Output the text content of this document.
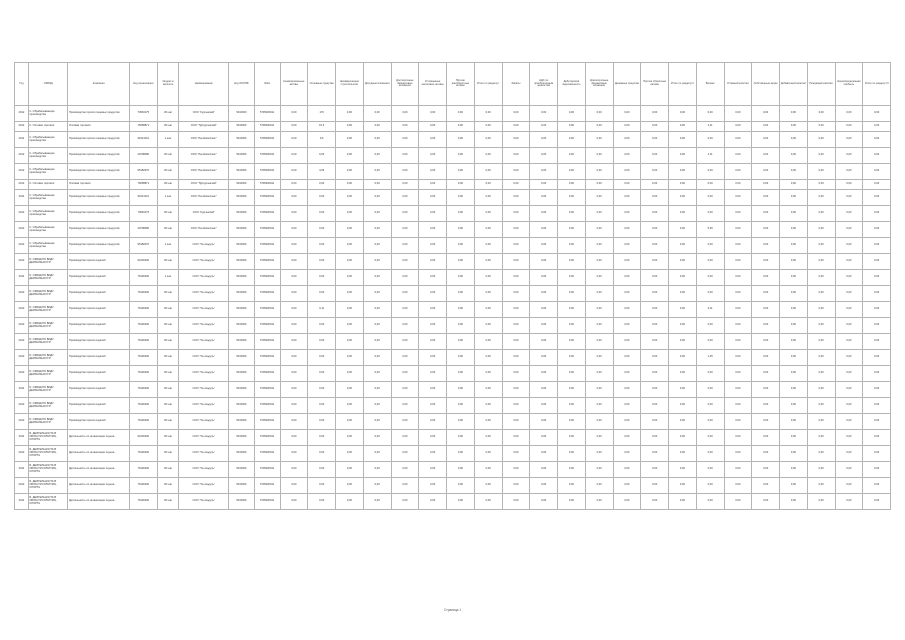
Год	ОКВЭД	Компания	Код организации	Индекс в каталоге	Наименование	Код ОКОПФ	ИНН	Нематериальные активы	Основные средства	Незавершенное строительство	Доходные вложения	Долгосрочные финансовые вложения	Отложенные налоговые активы	Прочие внеоборотные активы	Итого по разделу I	Запасы	НДС по приобретенным ценностям	Дебиторская задолженность	Краткосрочные финансовые вложения	Денежные средства	Прочие оборотные активы	Итого по разделу II	Баланс	Уставный капитал	Собственные акции	Добавочный капитал	Резервный капитал	Нераспределенная прибыль	Итого по разделу III
2012	С. Обрабатывающие производства	Производство прочих пищевых продуктов	70663175	36 шаг	ООО "Курганский"	5416000	5705200911	0,00	170	0,00	0,00	0,00	0,00	0,00	0,00	0,00	0,00	0,00	0,00	0,00	0,00	0,00	0,00	0,00	0,00	0,00	0,00	0,00	0,00
2012	С. Оптовая торговля	Оптовая торговля	76058871	36 шаг	ООО "ТД Курганский"	5416000	5705200911	0,00	15,3	0,00	0,00	0,00	0,00	0,00	0,00	0,00	0,00	0,00	0,00	0,00	0,00	0,00	2,11	0,00	0,00	0,00	0,00	0,00	0,00
2011	С. Обрабатывающие производства	Производство прочих пищевых продуктов	90121011	1 шаг	ООО "ЛесоКомплекс"	5416000	5705200911	0,00	0,6	0,00	0,00	0,00	0,00	0,00	0,00	0,00	0,00	0,00	0,00	0,00	0,00	0,00	0,00	0,00	0,00	0,00	0,00	0,00	0,00
2012	С. Обрабатывающие производства	Производство прочих пищевых продуктов	40708080	36 шаг	ООО "ЛесоКомплекс"	5416000	5705200911	0,00	0,00	0,00	0,00	0,00	0,00	0,00	0,00	0,00	0,00	0,00	0,00	0,00	0,00	0,00	2,11	0,00	0,00	0,00	0,00	0,00	0,00
2012	С. Обрабатывающие производства	Производство прочих пищевых продуктов	95182070	36 шаг	ООО "ЛесоКомплекс"	5416000	5705200911	0,00	4,06	0,00	0,00	0,00	0,00	0,00	0,00	0,00	0,00	0,00	0,00	0,00	0,00	0,00	0,00	0,00	0,00	0,00	0,00	0,00	0,00
2012	С. Оптовая торговля	Оптовая торговля	76058871	36 шаг	ООО "ТД Курганский"	5416000	5705200911	0,00	0,00	0,00	0,00	0,00	0,00	0,00	0,00	0,00	0,00	0,00	0,00	0,00	0,00	0,00	0,00	0,00	0,00	0,00	0,00	0,00	0,00
2011	С. Обрабатывающие производства	Производство прочих пищевых продуктов	90121011	1 шаг	ООО "ЛесоКомплекс"	5416000	5705200911	0,00	0,00	0,00	0,00	0,00	0,00	0,00	0,00	0,00	0,00	0,00	0,00	0,00	0,00	0,00	0,00	0,00	0,00	0,00	0,00	0,00	0,00
2012	С. Обрабатывающие производства	Производство прочих пищевых продуктов	70663175	36 шаг	ООО "Курганский"	5416000	5705200911	0,00	0,00	0,00	0,00	0,00	0,00	0,00	0,00	0,00	0,00	0,00	0,00	0,00	0,00	0,00	0,00	0,00	0,00	0,00	0,00	0,00	0,00
2012	С. Обрабатывающие производства	Производство прочих пищевых продуктов	40708080	36 шаг	ООО "ЛесоКомплекс"	5416000	5705200911	0,00	0,00	0,00	0,00	0,00	0,00	0,00	0,00	0,00	0,00	0,00	0,00	0,00	0,00	0,00	5,35	0,00	0,00	0,00	0,00	0,00	0,00
2012	С. Обрабатывающие производства	Производство прочих пищевых продуктов	95182070	1 шаг	ООО "Тех-модуль"	5416000	5705200911	0,00	0,00	0,00	0,00	0,00	0,00	0,00	0,00	0,00	0,00	0,00	0,00	0,00	0,00	0,00	0,00	0,00	0,00	0,00	0,00	0,00	0,00
2012	N. ОКВЭД ПО ВИДУ ДЕЯТЕЛЬНОСТИ	Производство прочих изделий	90126400	36 шаг	ООО "Тех-модуль"	5416000	5705200911	0,00	0,00	0,00	0,00	0,00	0,00	0,00	0,00	0,00	0,00	0,00	0,00	0,00	0,00	0,00	0,00	0,00	0,00	0,00	0,00	0,00	0,00
2011	N. ОКВЭД ПО ВИДУ ДЕЯТЕЛЬНОСТИ	Производство прочих изделий	70126400	1 шаг	ООО "Тех-модуль"	5416000	5705200911	0,00	0,00	0,00	0,00	0,00	0,00	0,00	0,00	0,00	0,00	0,00	0,00	0,00	0,00	0,00	0,00	0,00	0,00	0,00	0,00	0,00	0,00
2012	N. ОКВЭД ПО ВИДУ ДЕЯТЕЛЬНОСТИ	Производство прочих изделий	70126400	36 шаг	ООО "Тех-модуль"	5416000	5705200911	0,00	0,00	0,00	0,00	0,00	0,00	0,00	0,00	0,00	0,00	0,00	0,00	0,00	0,00	0,00	0,00	0,00	0,00	0,00	0,00	0,00	0,00
2012	N. ОКВЭД ПО ВИДУ ДЕЯТЕЛЬНОСТИ	Производство прочих изделий	70126400	36 шаг	ООО "Тех-модуль"	5416000	5705200911	0,00	0,11	0,00	0,00	0,00	0,00	0,00	0,00	0,00	0,00	0,00	0,00	0,00	0,00	0,00	0,11	0,00	0,00	0,00	0,00	0,00	0,00
2012	N. ОКВЭД ПО ВИДУ ДЕЯТЕЛЬНОСТИ	Производство прочих изделий	70126400	36 шаг	ООО "Тех-модуль"	5416000	5705200911	0,00	0,00	0,00	0,00	0,00	0,00	0,00	0,00	0,00	0,00	0,00	0,00	0,00	0,00	0,00	0,00	0,00	0,00	0,00	0,00	0,00	0,00
2012	N. ОКВЭД ПО ВИДУ ДЕЯТЕЛЬНОСТИ	Производство прочих изделий	70126400	36 шаг	ООО "Тех-модуль"	5416000	5705200911	0,00	0,00	0,00	0,00	0,00	0,00	0,00	0,00	0,00	0,00	0,00	0,00	0,00	0,00	0,00	0,00	0,00	0,00	0,00	0,00	0,00	0,00
2012	N. ОКВЭД ПО ВИДУ ДЕЯТЕЛЬНОСТИ	Производство прочих изделий	70126400	36 шаг	ООО "Тех-модуль"	5416000	5705200911	0,00	0,00	0,00	0,00	0,00	0,00	0,00	0,00	0,00	0,00	0,00	0,00	0,00	0,00	0,00	1,35	0,00	0,00	0,00	0,00	0,00	0,00
2012	N. ОКВЭД ПО ВИДУ ДЕЯТЕЛЬНОСТИ	Производство прочих изделий	70126400	36 шаг	ООО "Тех-модуль"	5416000	5705200911	0,00	0,00	0,00	0,00	0,00	0,00	0,00	0,00	0,00	0,00	0,00	0,00	0,00	0,00	0,00	0,00	0,00	0,00	0,00	0,00	0,00	0,00
2011	N. ОКВЭД ПО ВИДУ ДЕЯТЕЛЬНОСТИ	Производство прочих изделий	70126400	36 шаг	ООО "Тех-модуль"	5416000	5705200911	0,00	0,00	0,00	0,00	0,00	0,00	0,00	0,00	0,00	0,00	0,00	0,00	0,00	0,00	0,00	0,00	0,00	0,00	0,00	0,00	0,00	0,00
2012	N. ОКВЭД ПО ВИДУ ДЕЯТЕЛЬНОСТИ	Производство прочих изделий	70126400	36 шаг	ООО "Тех-модуль"	5416000	5705200911	0,00	0,00	0,00	0,00	0,00	0,00	0,00	0,00	0,00	0,00	0,00	0,00	0,00	0,00	0,00	0,00	0,00	0,00	0,00	0,00	0,00	0,00
2012	N. ОКВЭД ПО ВИДУ ДЕЯТЕЛЬНОСТИ	Производство прочих изделий	70126400	36 шаг	ООО "Тех-модуль"	5416000	5705200911	0,00	0,00	0,00	0,00	0,00	0,00	0,00	0,00	0,00	0,00	0,00	0,00	0,00	0,00	0,00	0,00	0,00	0,00	0,00	0,00	0,00	0,00
2011	R. ДЕЯТЕЛЬНОСТЬ В ОБЛАСТИ КУЛЬТУРЫ, СПОРТА	Деятельность по организации отдыха	90126400	36 шаг	ООО "Тех-модуль"	5416000	5705200911	0,00	0,00	0,00	0,00	0,00	0,00	0,00	0,00	0,00	0,00	0,00	0,00	0,00	0,00	0,00	0,00	0,00	0,00	0,00	0,00	0,00	0,00
2012	R. ДЕЯТЕЛЬНОСТЬ В ОБЛАСТИ КУЛЬТУРЫ, СПОРТА	Деятельность по организации отдыха	70126400	36 шаг	ООО "Тех-модуль"	5416000	5705200911	0,00	0,00	0,00	0,00	0,00	0,00	0,00	0,00	0,00	0,00	0,00	0,00	0,00	0,00	0,00	0,00	0,00	0,00	0,00	0,00	0,00	0,00
2011	R. ДЕЯТЕЛЬНОСТЬ В ОБЛАСТИ КУЛЬТУРЫ, СПОРТА	Деятельность по организации отдыха	70126400	36 шаг	ООО "Тех-модуль"	5416000	5705200911	0,00	0,00	0,00	0,00	0,00	0,00	0,00	0,00	0,00	0,00	0,00	0,00	0,00	0,00	0,00	0,00	0,00	0,00	0,00	0,00	0,00	0,00
2012	R. ДЕЯТЕЛЬНОСТЬ В ОБЛАСТИ КУЛЬТУРЫ, СПОРТА	Деятельность по организации отдыха	70126400	36 шаг	ООО "Тех-модуль"	5416000	5705200911	0,00	0,00	0,00	0,00	0,00	0,00	0,00	0,00	0,00	0,00	0,00	0,00	0,00	0,00	0,00	0,00	0,00	0,00	0,00	0,00	0,00	0,00
2011	R. ДЕЯТЕЛЬНОСТЬ В ОБЛАСТИ КУЛЬТУРЫ, СПОРТА	Деятельность по организации отдыха	70126400	36 шаг	ООО "Тех-модуль"	5416000	5705200911	0,00	0,00	0,00	0,00	0,00	0,00	0,00	0,00	0,00	0,00	0,00	0,00	0,00	0,00	0,00	0,00	0,00	0,00	0,00	0,00	0,00	0,00
Страница 1
